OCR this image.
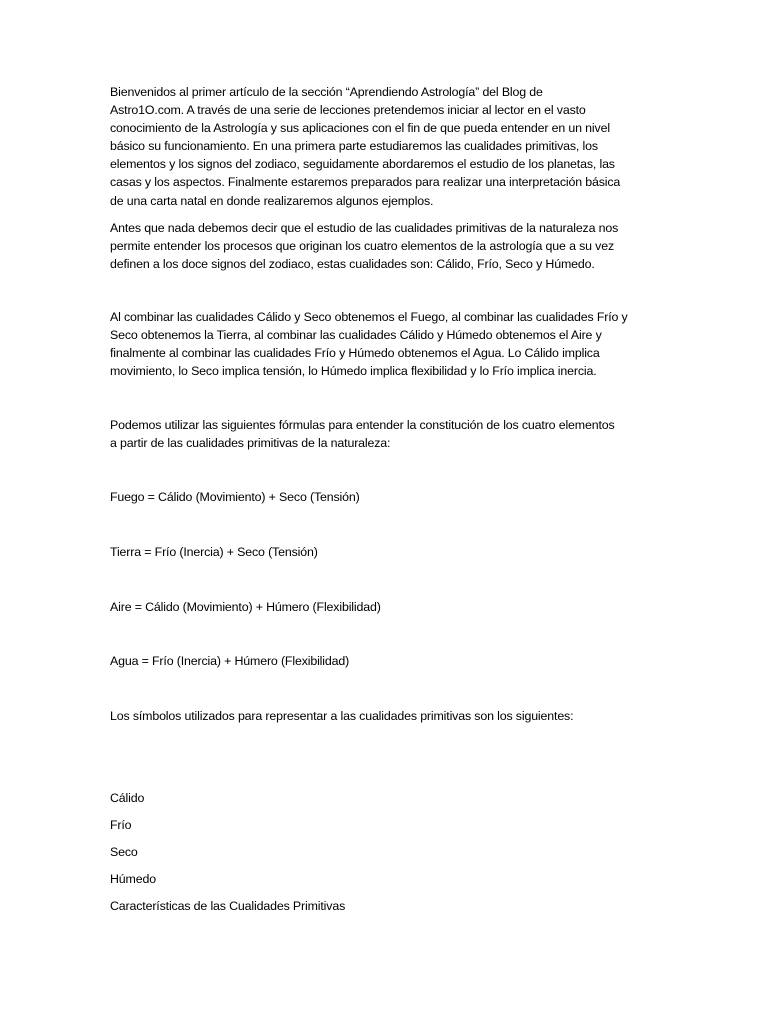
Bienvenidos al primer artículo de la sección “Aprendiendo Astrología” del Blog de
Astro1O.com. A través de una serie de lecciones pretendemos iniciar al lector en el vasto
conocimiento de la Astrología y sus aplicaciones con el fin de que pueda entender en un nivel
básico su funcionamiento. En una primera parte estudiaremos las cualidades primitivas, los
elementos y los signos del zodiaco, seguidamente abordaremos el estudio de los planetas, las
casas y los aspectos. Finalmente estaremos preparados para realizar una interpretación básica
de una carta natal en donde realizaremos algunos ejemplos.

Antes que nada debemos decir que el estudio de las cualidades primitivas de la naturaleza nos
permite entender los procesos que originan los cuatro elementos de la astrología que a su vez
definen a los doce signos del zodiaco, estas cualidades son: Cálido, Frío, Seco y Húmedo.

Al combinar las cualidades Cálido y Seco obtenemos el Fuego, al combinar las cualidades Frío y
Seco obtenemos la Tierra, al combinar las cualidades Cálido y Húmedo obtenemos el Aire y
finalmente al combinar las cualidades Frío y Húmedo obtenemos el Agua. Lo Cálido implica
movimiento, lo Seco implica tensión, lo Húmedo implica flexibilidad y lo Frío implica inercia.

Podemos utilizar las siguientes fórmulas para entender la constitución de los cuatro elementos
a partir de las cualidades primitivas de la naturaleza:

Fuego = Cálido (Movimiento) + Seco (Tensión)

Tierra = Frío (Inercia) + Seco (Tensión)

Aire = Cálido (Movimiento) + Húmero (Flexibilidad)

Agua = Frío (Inercia) + Húmero (Flexibilidad)

Los símbolos utilizados para representar a las cualidades primitivas son los siguientes:

Cálido

Frío

Seco

Húmedo

Características de las Cualidades Primitivas
